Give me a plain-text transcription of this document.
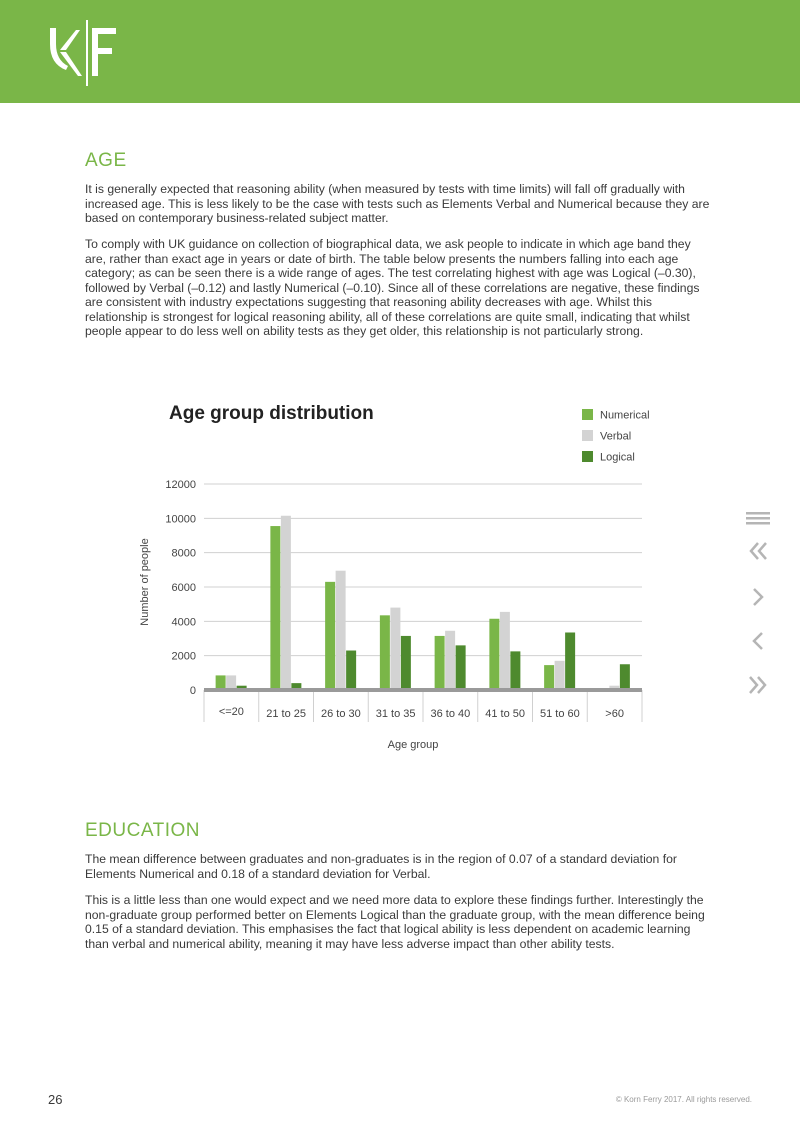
AGE

It is generally expected that reasoning ability (when measured by tests with time limits) will fall off gradually with increased age. This is less likely to be the case with tests such as Elements Verbal and Numerical because they are based on contemporary business-related subject matter.

To comply with UK guidance on collection of biographical data, we ask people to indicate in which age band they are, rather than exact age in years or date of birth. The table below presents the numbers falling into each age category; as can be seen there is a wide range of ages. The test correlating highest with age was Logical (–0.30), followed by Verbal (–0.12) and lastly Numerical (–0.10). Since all of these correlations are negative, these findings are consistent with industry expectations suggesting that reasoning ability decreases with age. Whilst this relationship is strongest for logical reasoning ability, all of these correlations are quite small, indicating that whilst people appear to do less well on ability tests as they get older, this relationship is not particularly strong.

Age group distribution	Numerical
Verbal
Logical
0
2000
4000
6000
8000
10000
12000
<=20 21 to 25 26 to 30 31 to 35 36 to 40 41 to 50 51 to 60 >60
Age group
Number of people
EDUCATION

The mean difference between graduates and non-graduates is in the region of 0.07 of a standard deviation for Elements Numerical and 0.18 of a standard deviation for Verbal.

This is a little less than one would expect and we need more data to explore these findings further. Interestingly the non-graduate group performed better on Elements Logical than the graduate group, with the mean difference being 0.15 of a standard deviation. This emphasises the fact that logical ability is less dependent on academic learning than verbal and numerical ability, meaning it may have less adverse impact than other ability tests.

26	© Korn Ferry 2017. All rights reserved.
